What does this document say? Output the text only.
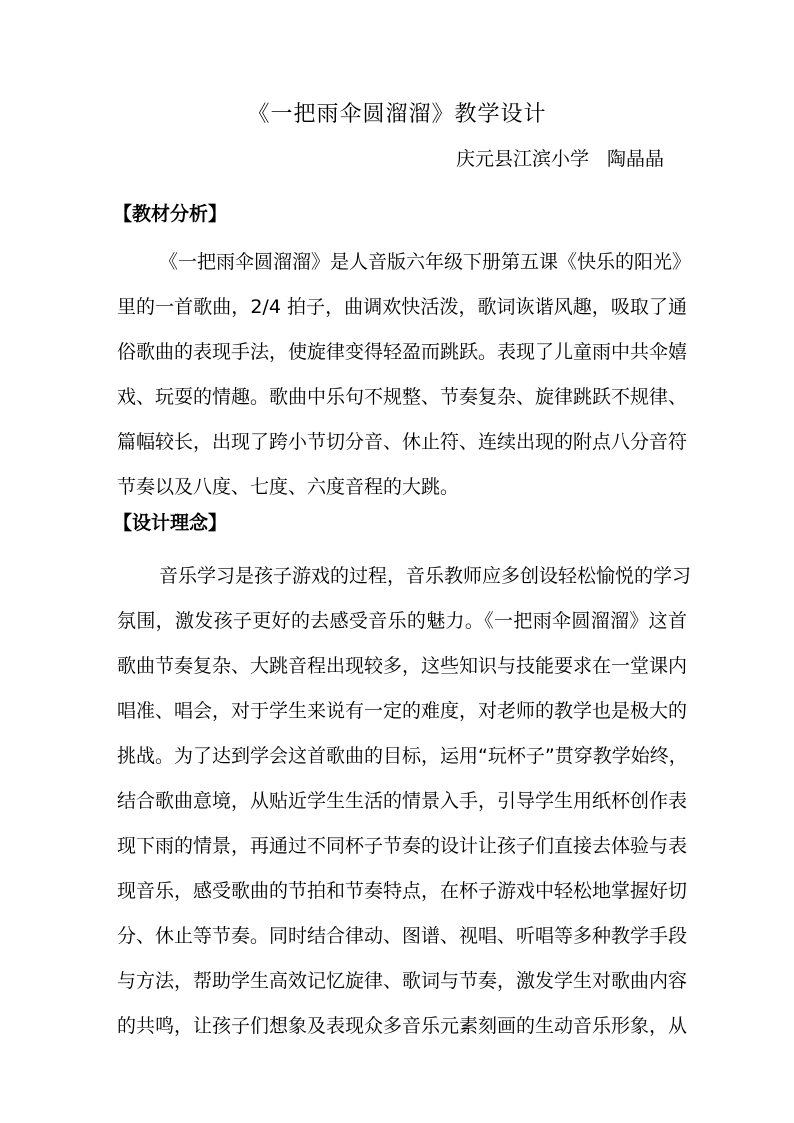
《一把雨伞圆溜溜》教学设计
庆元县江滨小学 陶晶晶
【教材分析】
《一把雨伞圆溜溜》是人音版六年级下册第五课《快乐的阳光》
里的一首歌曲，2/4 拍子，曲调欢快活泼，歌词诙谐风趣，吸取了通
俗歌曲的表现手法，使旋律变得轻盈而跳跃。表现了儿童雨中共伞嬉
戏、玩耍的情趣。歌曲中乐句不规整、节奏复杂、旋律跳跃不规律、
篇幅较长，出现了跨小节切分音、休止符、连续出现的附点八分音符
节奏以及八度、七度、六度音程的大跳。
【设计理念】
音乐学习是孩子游戏的过程，音乐教师应多创设轻松愉悦的学习
氛围，激发孩子更好的去感受音乐的魅力。《一把雨伞圆溜溜》这首
歌曲节奏复杂、大跳音程出现较多，这些知识与技能要求在一堂课内
唱准、唱会，对于学生来说有一定的难度，对老师的教学也是极大的
挑战。为了达到学会这首歌曲的目标，运用“玩杯子”贯穿教学始终，
结合歌曲意境，从贴近学生生活的情景入手，引导学生用纸杯创作表
现下雨的情景，再通过不同杯子节奏的设计让孩子们直接去体验与表
现音乐，感受歌曲的节拍和节奏特点，在杯子游戏中轻松地掌握好切
分、休止等节奏。同时结合律动、图谱、视唱、听唱等多种教学手段
与方法，帮助学生高效记忆旋律、歌词与节奏，激发学生对歌曲内容
的共鸣，让孩子们想象及表现众多音乐元素刻画的生动音乐形象，从
